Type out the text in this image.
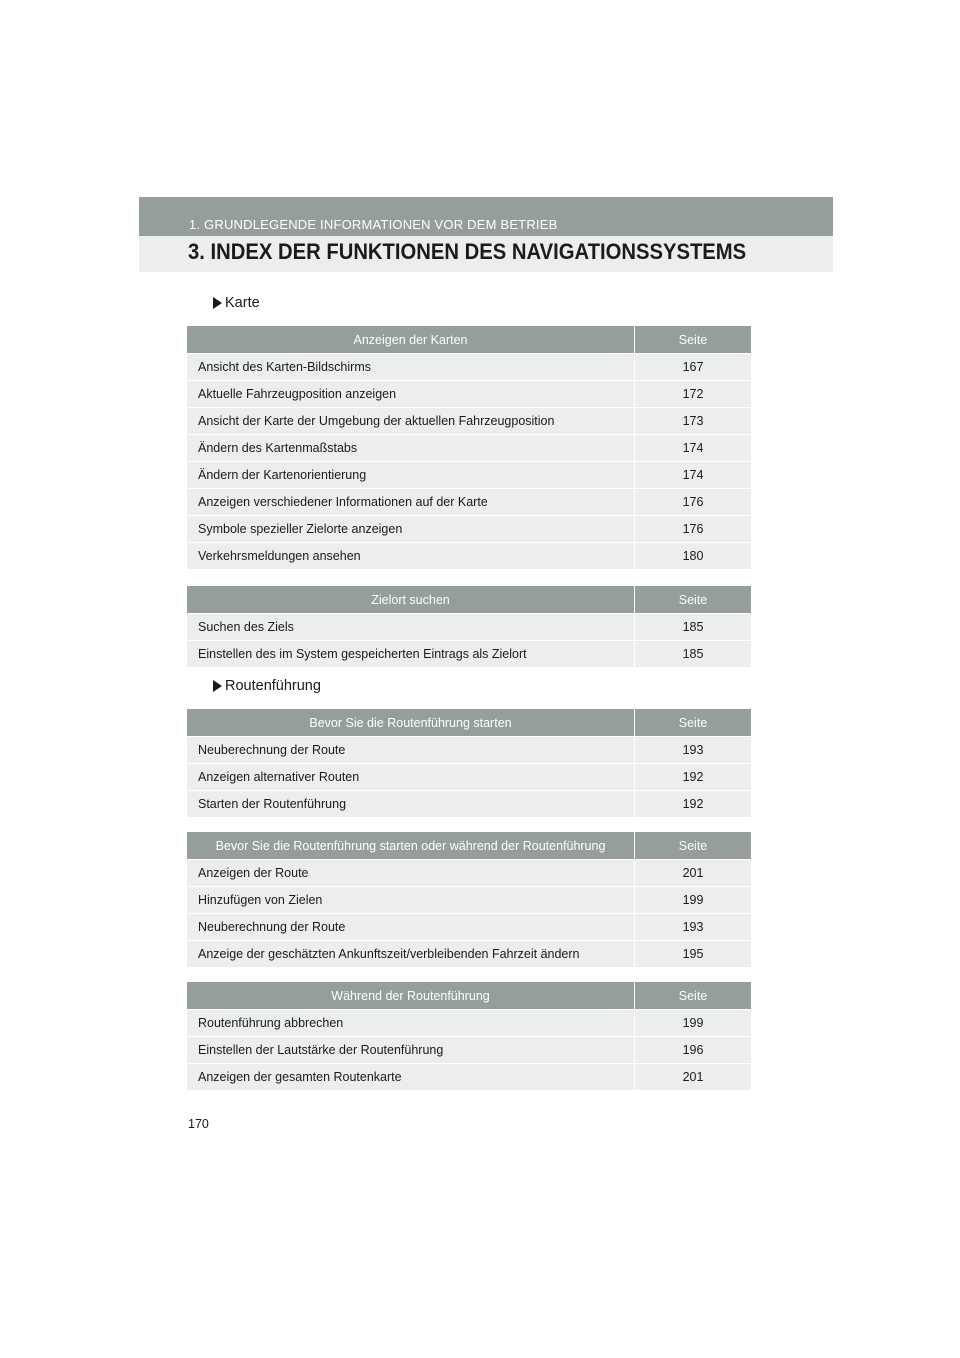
1. GRUNDLEGENDE INFORMATIONEN VOR DEM BETRIEB
3. INDEX DER FUNKTIONEN DES NAVIGATIONSSYSTEMS
Karte
Anzeigen der Karten	Seite
Ansicht des Karten-Bildschirms	167
Aktuelle Fahrzeugposition anzeigen	172
Ansicht der Karte der Umgebung der aktuellen Fahrzeugposition	173
Ändern des Kartenmaßstabs	174
Ändern der Kartenorientierung	174
Anzeigen verschiedener Informationen auf der Karte	176
Symbole spezieller Zielorte anzeigen	176
Verkehrsmeldungen ansehen	180
Zielort suchen	Seite
Suchen des Ziels	185
Einstellen des im System gespeicherten Eintrags als Zielort	185
Routenführung
Bevor Sie die Routenführung starten	Seite
Neuberechnung der Route	193
Anzeigen alternativer Routen	192
Starten der Routenführung	192
Bevor Sie die Routenführung starten oder während der Routenführung	Seite
Anzeigen der Route	201
Hinzufügen von Zielen	199
Neuberechnung der Route	193
Anzeige der geschätzten Ankunftszeit/verbleibenden Fahrzeit ändern	195
Während der Routenführung	Seite
Routenführung abbrechen	199
Einstellen der Lautstärke der Routenführung	196
Anzeigen der gesamten Routenkarte	201
170
